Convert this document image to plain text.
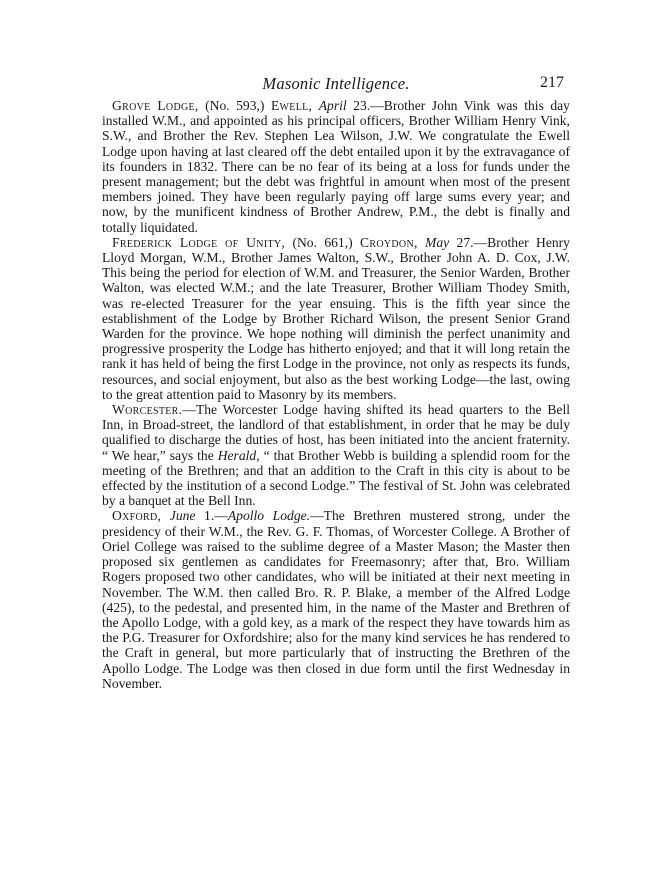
Masonic Intelligence.	217

Grove Lodge, (No. 593,) Ewell, April 23.—Brother John Vink was this day installed W.M., and appointed as his principal officers, Brother William Henry Vink, S.W., and Brother the Rev. Stephen Lea Wilson, J.W. We congratulate the Ewell Lodge upon having at last cleared off the debt entailed upon it by the extravagance of its founders in 1832. There can be no fear of its being at a loss for funds under the present management; but the debt was frightful in amount when most of the present members joined. They have been regularly paying off large sums every year; and now, by the munificent kindness of Brother Andrew, P.M., the debt is finally and totally liquidated.

Frederick Lodge of Unity, (No. 661,) Croydon, May 27.—Brother Henry Lloyd Morgan, W.M., Brother James Walton, S.W., Brother John A. D. Cox, J.W. This being the period for election of W.M. and Treasurer, the Senior Warden, Brother Walton, was elected W.M.; and the late Treasurer, Brother William Thodey Smith, was re-elected Treasurer for the year ensuing. This is the fifth year since the establishment of the Lodge by Brother Richard Wilson, the present Senior Grand Warden for the province. We hope nothing will diminish the perfect unanimity and progressive prosperity the Lodge has hitherto enjoyed; and that it will long retain the rank it has held of being the first Lodge in the province, not only as respects its funds, resources, and social enjoyment, but also as the best working Lodge—the last, owing to the great attention paid to Masonry by its members.

Worcester.—The Worcester Lodge having shifted its head quarters to the Bell Inn, in Broad-street, the landlord of that establishment, in order that he may be duly qualified to discharge the duties of host, has been initiated into the ancient fraternity. “ We hear,” says the Herald, “ that Brother Webb is building a splendid room for the meeting of the Brethren; and that an addition to the Craft in this city is about to be effected by the institution of a second Lodge.” The festival of St. John was celebrated by a banquet at the Bell Inn.

Oxford, June 1.—Apollo Lodge.—The Brethren mustered strong, under the presidency of their W.M., the Rev. G. F. Thomas, of Worcester College. A Brother of Oriel College was raised to the sublime degree of a Master Mason; the Master then proposed six gentlemen as candidates for Freemasonry; after that, Bro. William Rogers proposed two other candidates, who will be initiated at their next meeting in November. The W.M. then called Bro. R. P. Blake, a member of the Alfred Lodge (425), to the pedestal, and presented him, in the name of the Master and Brethren of the Apollo Lodge, with a gold key, as a mark of the respect they have towards him as the P.G. Treasurer for Oxfordshire; also for the many kind services he has rendered to the Craft in general, but more particularly that of instructing the Brethren of the Apollo Lodge. The Lodge was then closed in due form until the first Wednesday in November.
